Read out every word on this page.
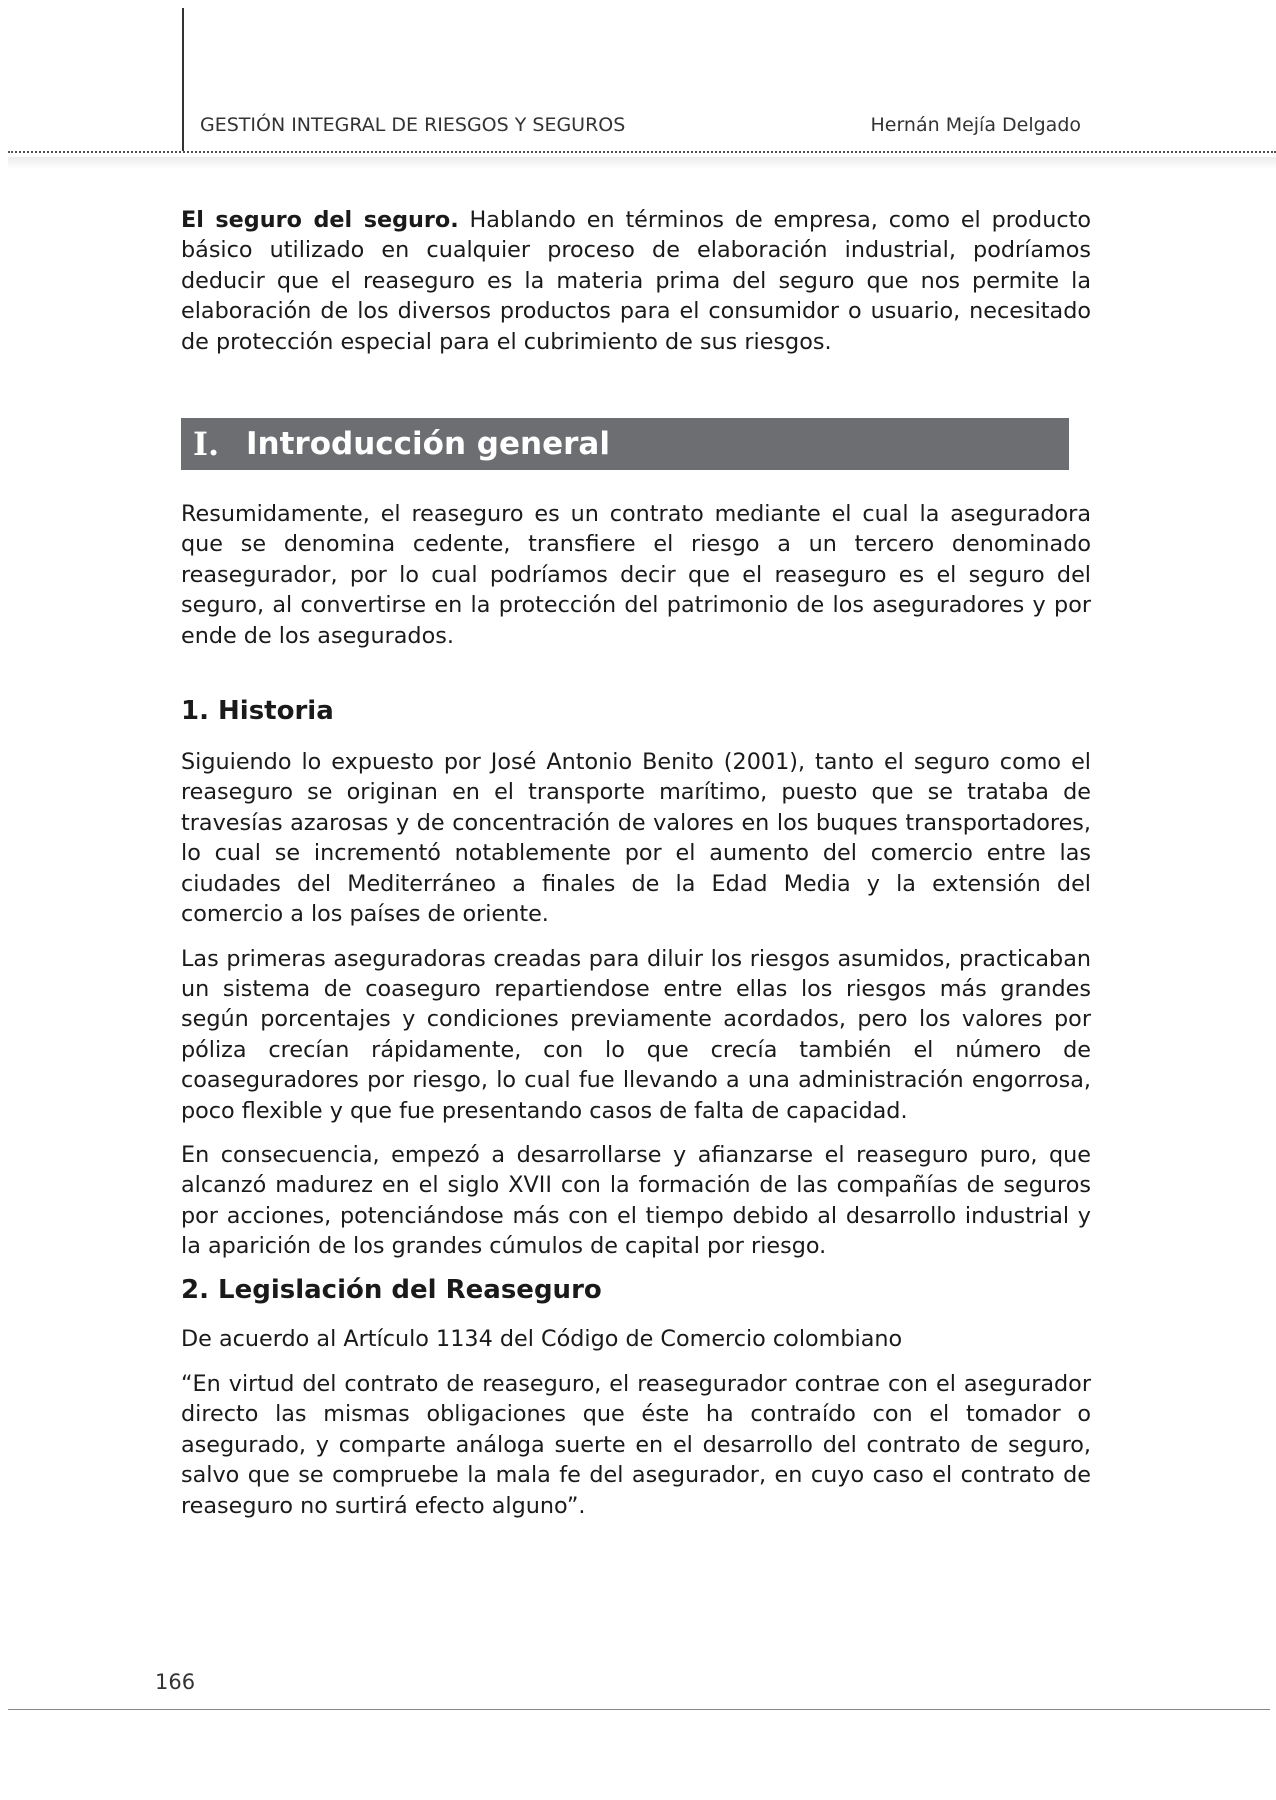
GESTIÓN INTEGRAL DE RIESGOS Y SEGUROS	Hernán Mejía Delgado

El seguro del seguro. Hablando en términos de empresa, como el producto básico utilizado en cualquier proceso de elaboración industrial, podríamos deducir que el reaseguro es la materia prima del seguro que nos permite la elaboración de los diversos productos para el consumidor o usuario, necesitado de protección especial para el cubrimiento de sus riesgos.

I. Introducción general

Resumidamente, el reaseguro es un contrato mediante el cual la aseguradora que se denomina cedente, transfiere el riesgo a un tercero denominado reasegurador, por lo cual podríamos decir que el reaseguro es el seguro del seguro, al convertirse en la protección del patrimonio de los aseguradores y por ende de los asegurados.

1. Historia

Siguiendo lo expuesto por José Antonio Benito (2001), tanto el seguro como el reaseguro se originan en el transporte marítimo, puesto que se trataba de travesías azarosas y de concentración de valores en los buques transportadores, lo cual se incrementó notablemente por el aumento del comercio entre las ciudades del Mediterráneo a finales de la Edad Media y la extensión del comercio a los países de oriente.

Las primeras aseguradoras creadas para diluir los riesgos asumidos, practicaban un sistema de coaseguro repartiendose entre ellas los riesgos más grandes según porcentajes y condiciones previamente acordados, pero los valores por póliza crecían rápidamente, con lo que crecía también el número de coaseguradores por riesgo, lo cual fue llevando a una administración engorrosa, poco flexible y que fue presentando casos de falta de capacidad.

En consecuencia, empezó a desarrollarse y afianzarse el reaseguro puro, que alcanzó madurez en el siglo XVII con la formación de las compañías de seguros por acciones, potenciándose más con el tiempo debido al desarrollo industrial y la aparición de los grandes cúmulos de capital por riesgo.

2. Legislación del Reaseguro

De acuerdo al Artículo 1134 del Código de Comercio colombiano

“En virtud del contrato de reaseguro, el reasegurador contrae con el asegurador directo las mismas obligaciones que éste ha contraído con el tomador o asegurado, y comparte análoga suerte en el desarrollo del contrato de seguro, salvo que se compruebe la mala fe del asegurador, en cuyo caso el contrato de reaseguro no surtirá efecto alguno”.

166
